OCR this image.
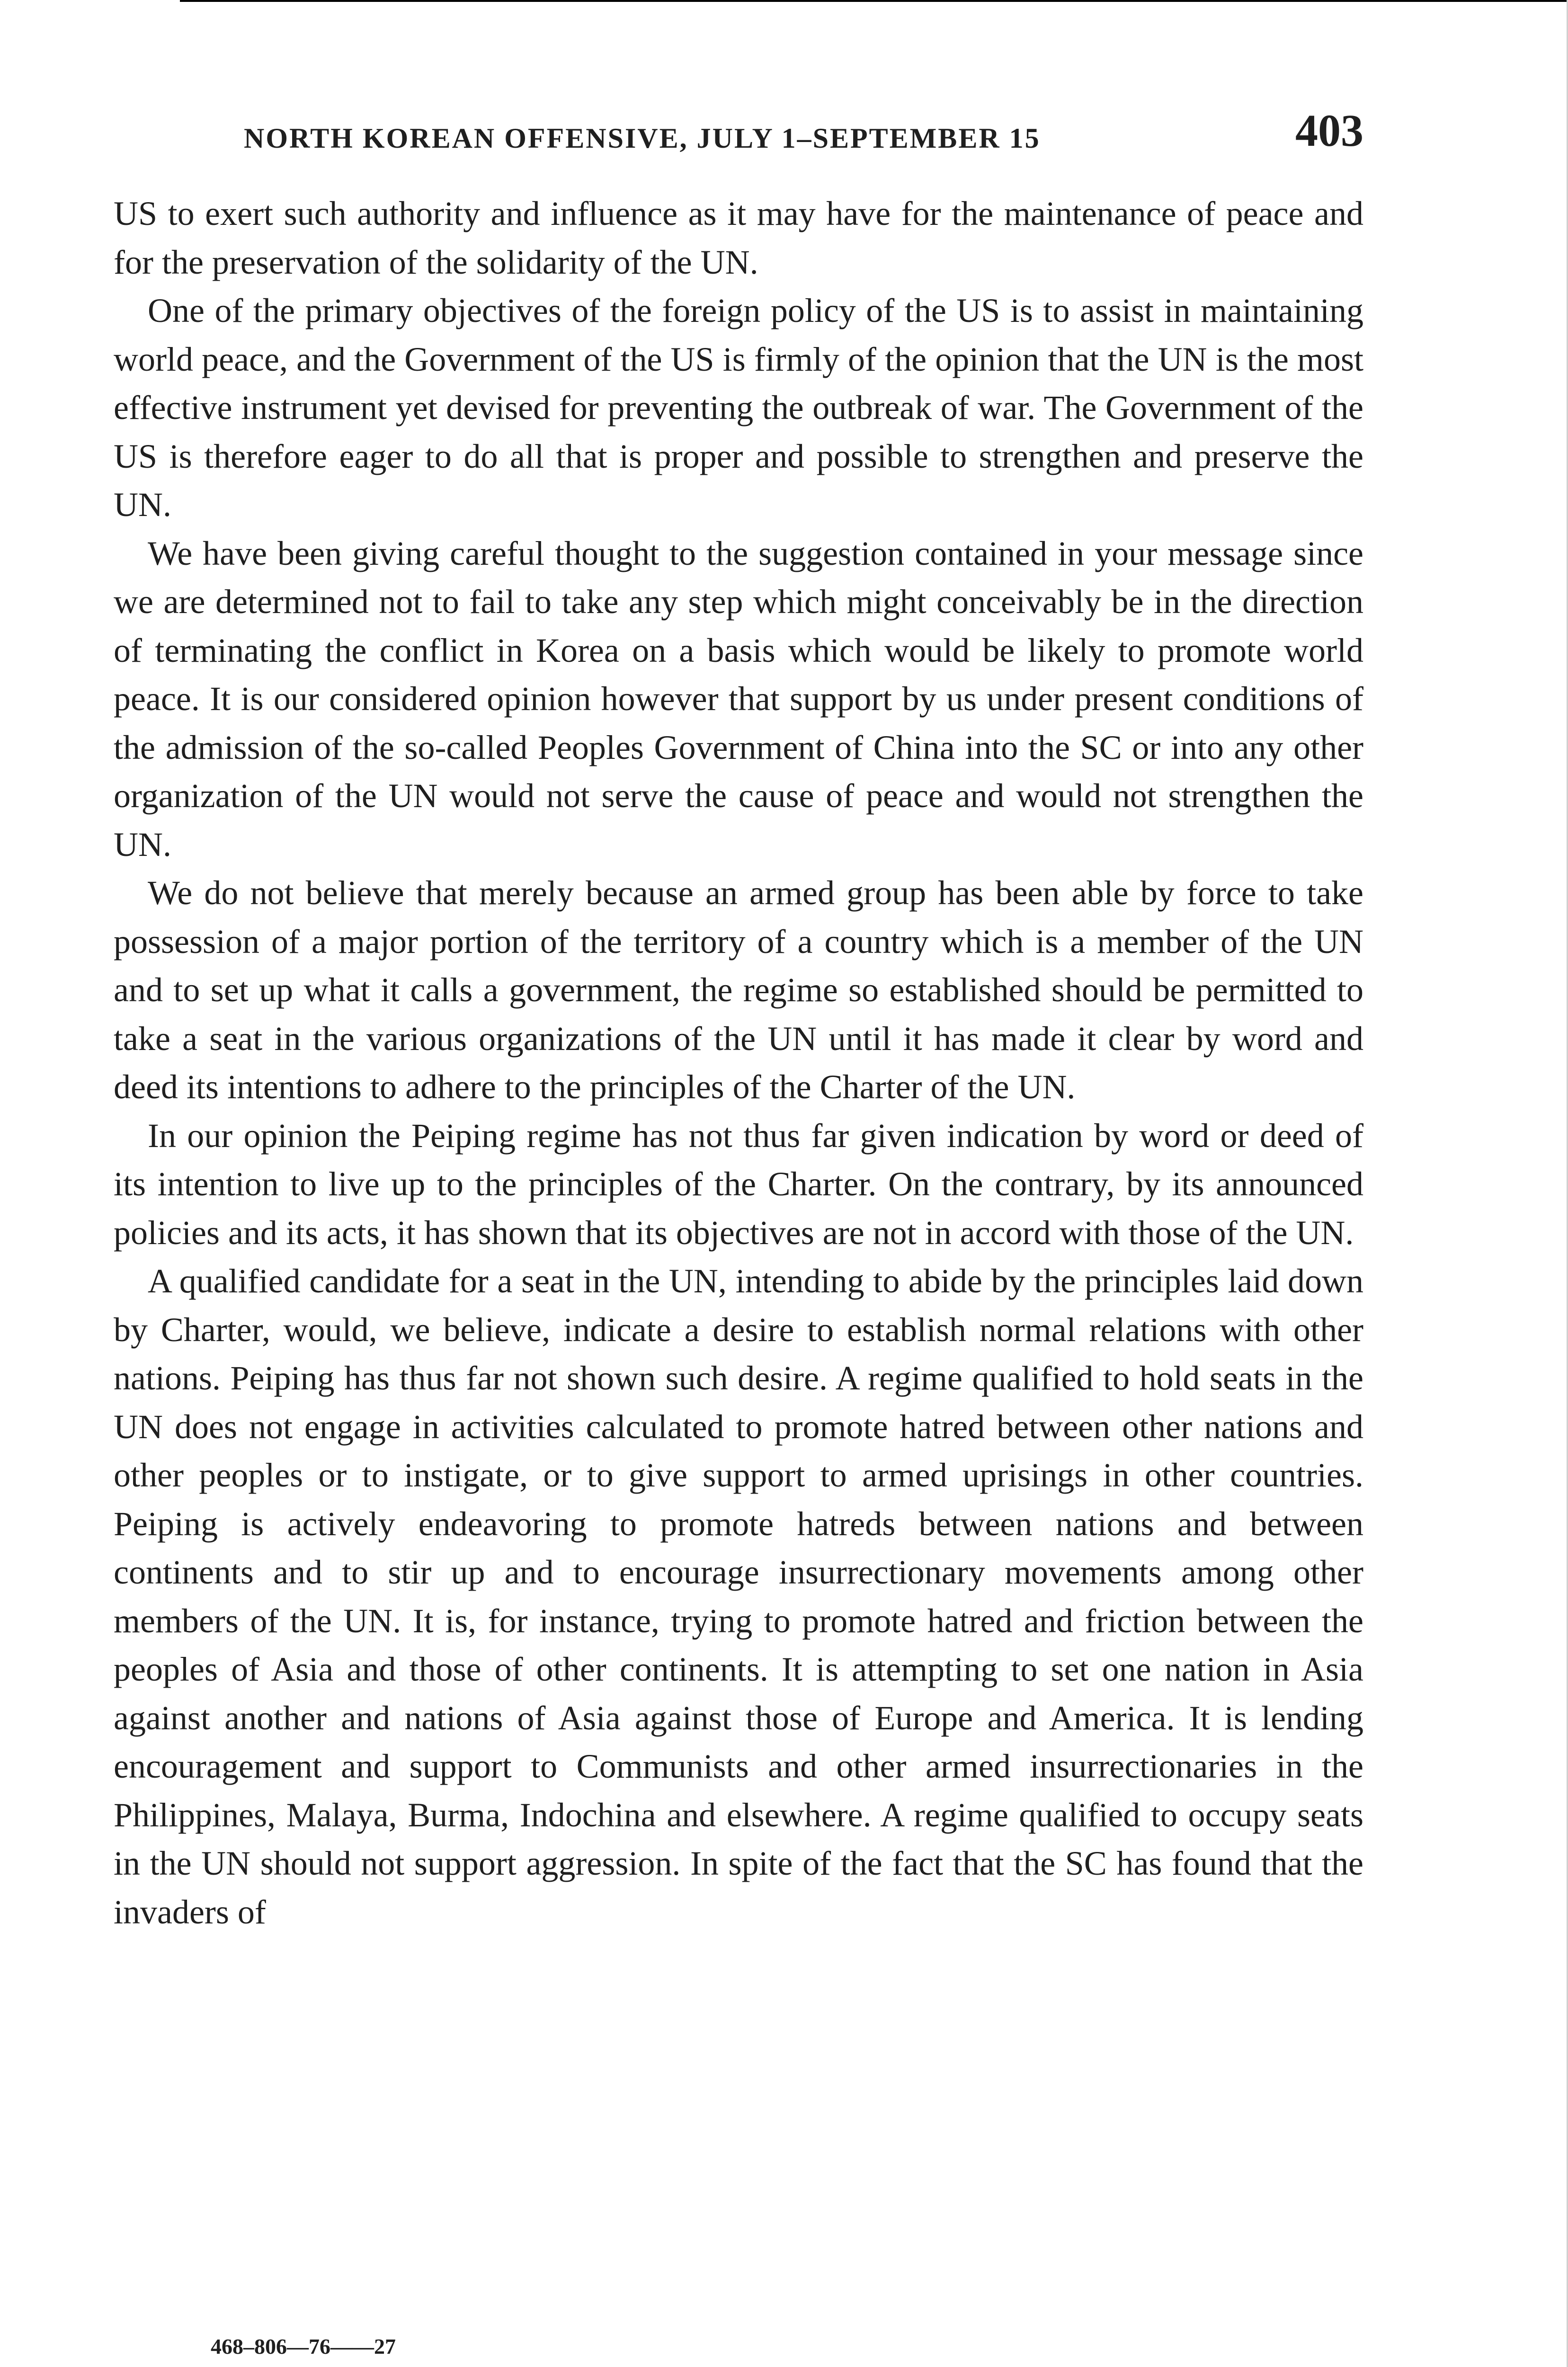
NORTH KOREAN OFFENSIVE, JULY 1–SEPTEMBER 15	403

US to exert such authority and influence as it may have for the maintenance of peace and for the preservation of the solidarity of the UN.

One of the primary objectives of the foreign policy of the US is to assist in maintaining world peace, and the Government of the US is firmly of the opinion that the UN is the most effective instrument yet devised for preventing the outbreak of war. The Government of the US is therefore eager to do all that is proper and possible to strengthen and preserve the UN.

We have been giving careful thought to the suggestion contained in your message since we are determined not to fail to take any step which might conceivably be in the direction of terminating the conflict in Korea on a basis which would be likely to promote world peace. It is our considered opinion however that support by us under present conditions of the admission of the so-called Peoples Government of China into the SC or into any other organization of the UN would not serve the cause of peace and would not strengthen the UN.

We do not believe that merely because an armed group has been able by force to take possession of a major portion of the territory of a country which is a member of the UN and to set up what it calls a government, the regime so established should be permitted to take a seat in the various organizations of the UN until it has made it clear by word and deed its intentions to adhere to the principles of the Charter of the UN.

In our opinion the Peiping regime has not thus far given indication by word or deed of its intention to live up to the principles of the Charter. On the contrary, by its announced policies and its acts, it has shown that its objectives are not in accord with those of the UN.

A qualified candidate for a seat in the UN, intending to abide by the principles laid down by Charter, would, we believe, indicate a desire to establish normal relations with other nations. Peiping has thus far not shown such desire. A regime qualified to hold seats in the UN does not engage in activities calculated to promote hatred between other nations and other peoples or to instigate, or to give support to armed uprisings in other countries. Peiping is actively endeavoring to promote hatreds between nations and between continents and to stir up and to encourage insurrectionary movements among other members of the UN. It is, for instance, trying to promote hatred and friction between the peoples of Asia and those of other continents. It is attempting to set one nation in Asia against another and nations of Asia against those of Europe and America. It is lending encouragement and support to Communists and other armed insurrectionaries in the Philippines, Malaya, Burma, Indochina and elsewhere. A regime qualified to occupy seats in the UN should not support aggression. In spite of the fact that the SC has found that the invaders of

468–806—76——27
